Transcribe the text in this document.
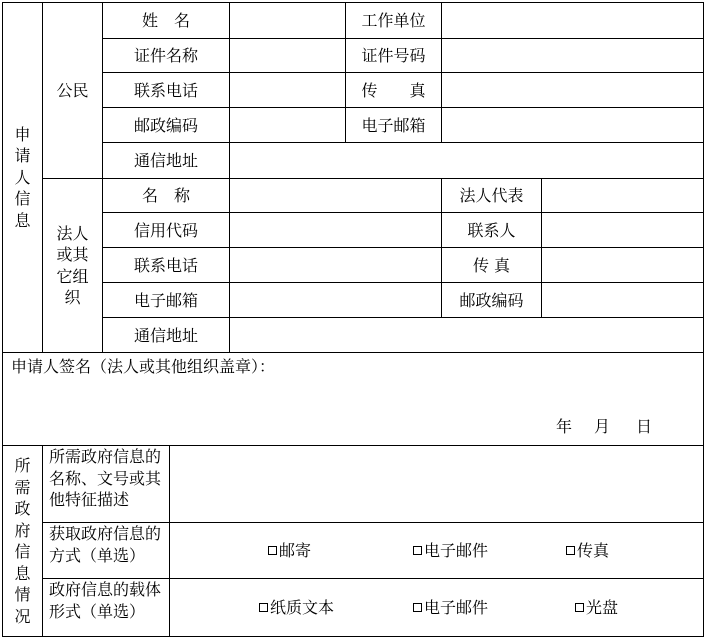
申
请
人
信
息
公民
姓　名	工作单位
证件名称	证件号码
联系电话	传　　真
邮政编码	电子邮箱
通信地址
法人
或其
它组
织
名　称	法人代表
信用代码	联系人
联系电话	传 真
电子邮箱	邮政编码
通信地址
申请人签名（法人或其他组织盖章）：
年 月 日
所
需
政
府
信
息
情
况
所需政府信息的
名称、文号或其
他特征描述
获取政府信息的
方式（单选）	邮寄	电子邮件	传真
政府信息的载体
形式（单选）	纸质文本	电子邮件	光盘
